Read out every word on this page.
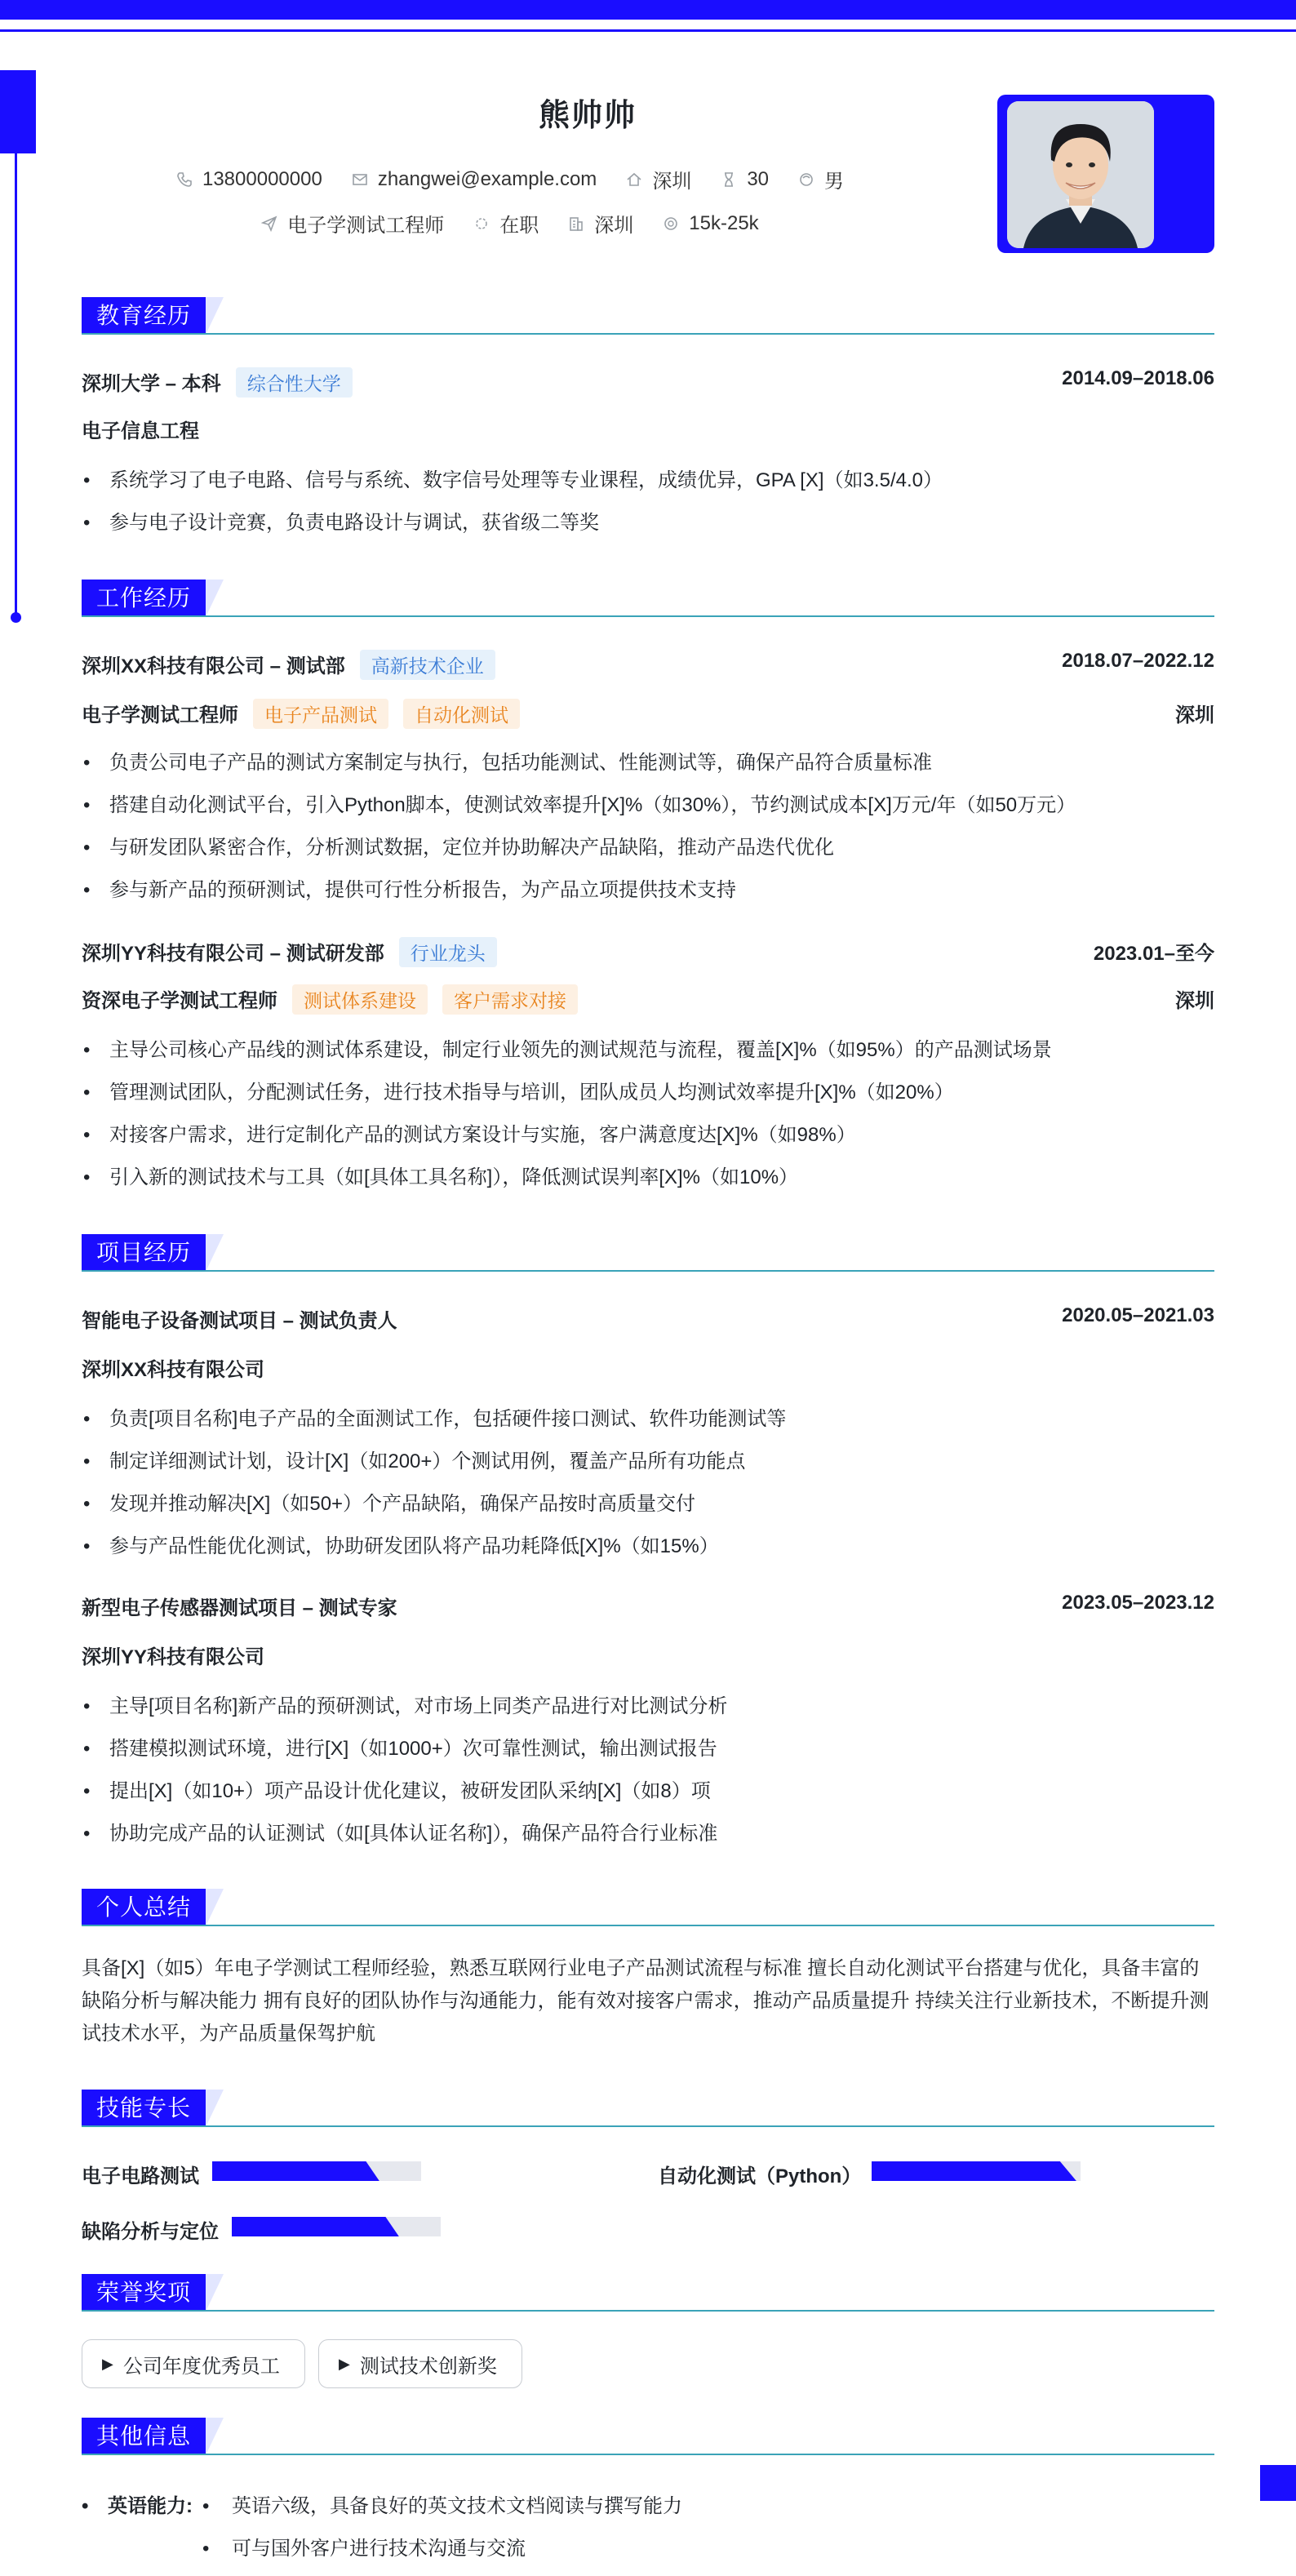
熊帅帅
13800000000	zhangwei@example.com	深圳	30	男
电子学测试工程师	在职	深圳	15k-25k
教育经历
深圳大学 – 本科 综合性大学	2014.09–2018.06
电子信息工程
• 系统学习了电子电路、信号与系统、数字信号处理等专业课程，成绩优异，GPA [X]（如3.5/4.0）
• 参与电子设计竞赛，负责电路设计与调试，获省级二等奖
工作经历
深圳XX科技有限公司 – 测试部 高新技术企业	2018.07–2022.12
电子学测试工程师 电子产品测试 自动化测试	深圳
• 负责公司电子产品的测试方案制定与执行，包括功能测试、性能测试等，确保产品符合质量标准
• 搭建自动化测试平台，引入Python脚本，使测试效率提升[X]%（如30%），节约测试成本[X]万元/年（如50万元）
• 与研发团队紧密合作，分析测试数据，定位并协助解决产品缺陷，推动产品迭代优化
• 参与新产品的预研测试，提供可行性分析报告，为产品立项提供技术支持
深圳YY科技有限公司 – 测试研发部 行业龙头	2023.01–至今
资深电子学测试工程师 测试体系建设 客户需求对接	深圳
• 主导公司核心产品线的测试体系建设，制定行业领先的测试规范与流程，覆盖[X]%（如95%）的产品测试场景
• 管理测试团队，分配测试任务，进行技术指导与培训，团队成员人均测试效率提升[X]%（如20%）
• 对接客户需求，进行定制化产品的测试方案设计与实施，客户满意度达[X]%（如98%）
• 引入新的测试技术与工具（如[具体工具名称]），降低测试误判率[X]%（如10%）
项目经历
智能电子设备测试项目 – 测试负责人	2020.05–2021.03
深圳XX科技有限公司
• 负责[项目名称]电子产品的全面测试工作，包括硬件接口测试、软件功能测试等
• 制定详细测试计划，设计[X]（如200+）个测试用例，覆盖产品所有功能点
• 发现并推动解决[X]（如50+）个产品缺陷，确保产品按时高质量交付
• 参与产品性能优化测试，协助研发团队将产品功耗降低[X]%（如15%）
新型电子传感器测试项目 – 测试专家	2023.05–2023.12
深圳YY科技有限公司
• 主导[项目名称]新产品的预研测试，对市场上同类产品进行对比测试分析
• 搭建模拟测试环境，进行[X]（如1000+）次可靠性测试，输出测试报告
• 提出[X]（如10+）项产品设计优化建议，被研发团队采纳[X]（如8）项
• 协助完成产品的认证测试（如[具体认证名称]），确保产品符合行业标准
个人总结
具备[X]（如5）年电子学测试工程师经验，熟悉互联网行业电子产品测试流程与标准 擅长自动化测试平台搭建与优化，具备丰富的缺陷分析与解决能力 拥有良好的团队协作与沟通能力，能有效对接客户需求，推动产品质量提升 持续关注行业新技术，不断提升测试技术水平，为产品质量保驾护航
技能专长
电子电路测试	自动化测试（Python）
缺陷分析与定位
荣誉奖项
▶ 公司年度优秀员工	▶ 测试技术创新奖
其他信息
• 英语能力:
•	英语六级，具备良好的英文技术文档阅读与撰写能力
• 可与国外客户进行技术沟通与交流
